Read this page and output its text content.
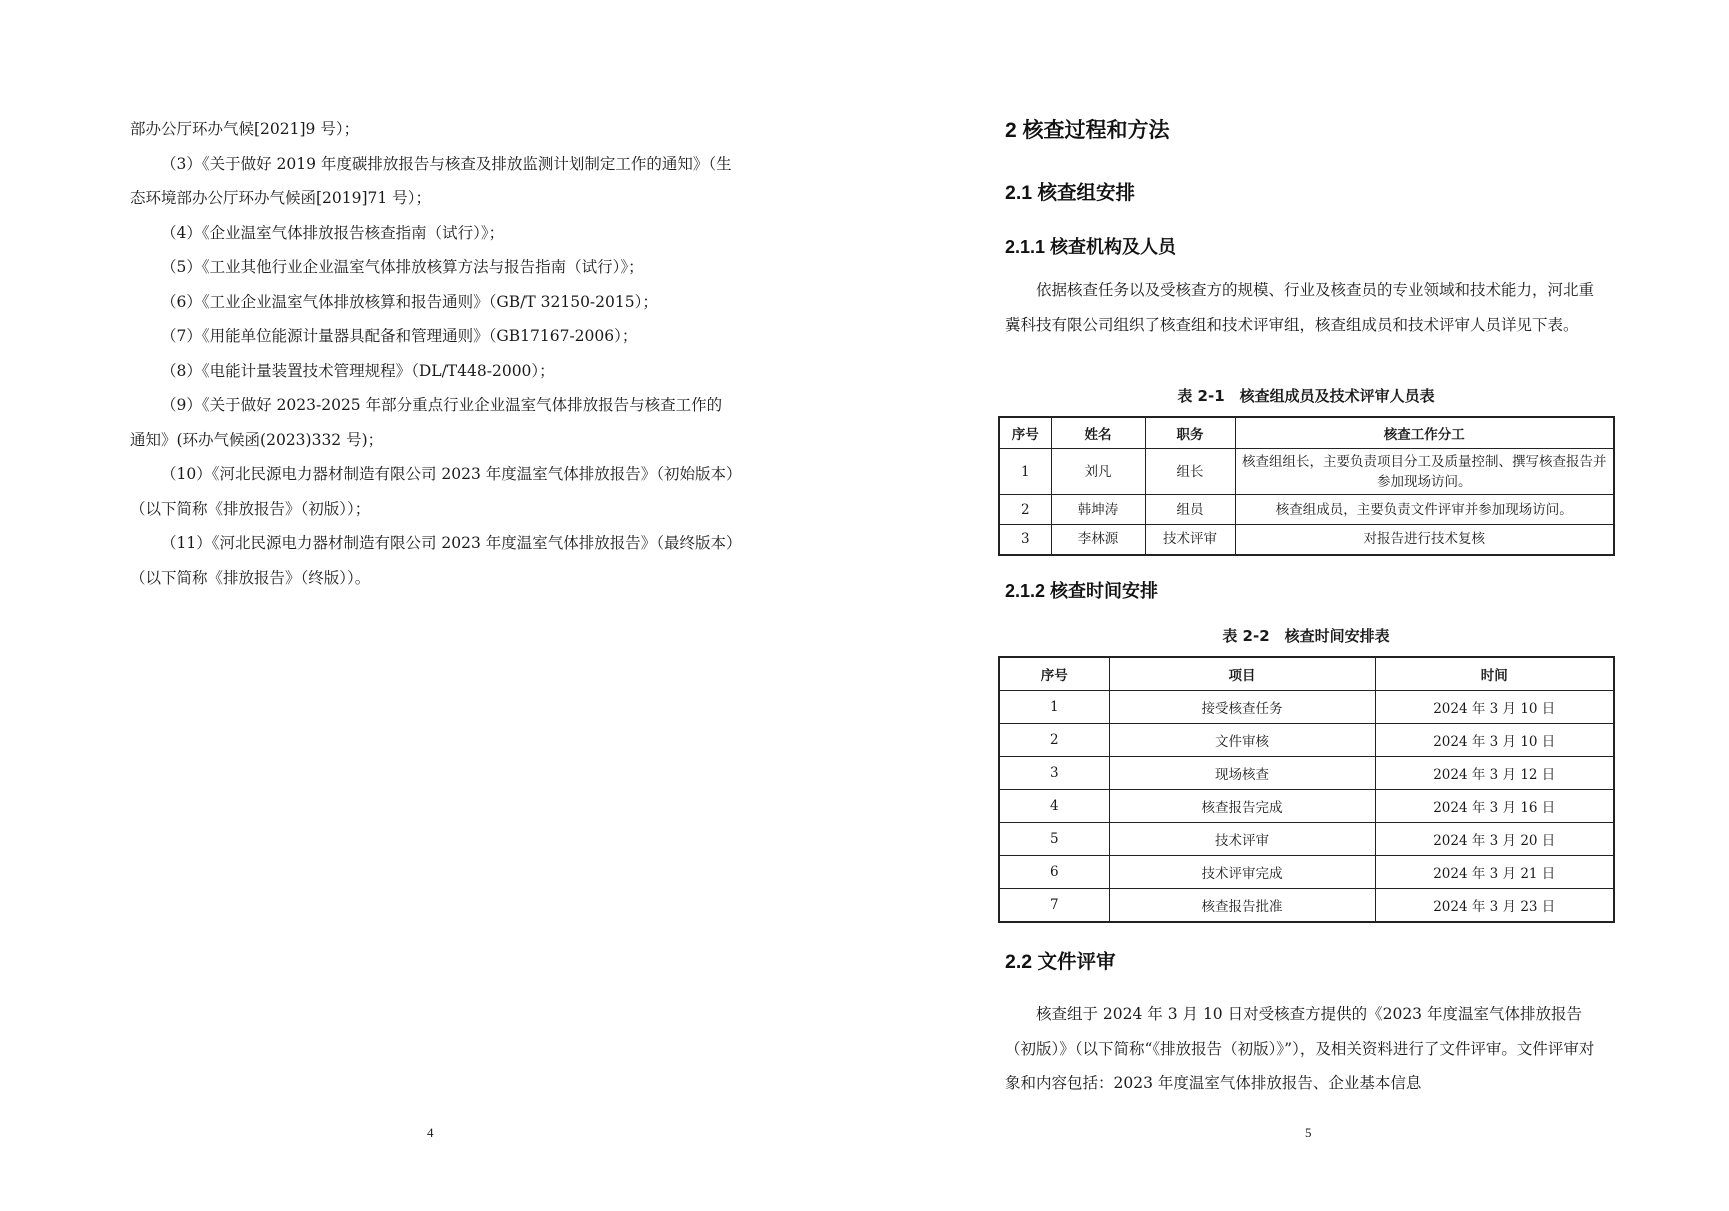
部办公厅环办气候[2021]9 号）；
（3）《关于做好 2019 年度碳排放报告与核查及排放监测计划制定工作的通知》（生态环境部办公厅环办气候函[2019]71 号）；
（4）《企业温室气体排放报告核查指南（试行）》；
（5）《工业其他行业企业温室气体排放核算方法与报告指南（试行）》；
（6）《工业企业温室气体排放核算和报告通则》（GB/T 32150-2015）；
（7）《用能单位能源计量器具配备和管理通则》（GB17167-2006）；
（8）《电能计量装置技术管理规程》（DL/T448-2000）；
（9）《关于做好 2023-2025 年部分重点行业企业温室气体排放报告与核查工作的通知》(环办气候函(2023)332 号)；
（10）《河北民源电力器材制造有限公司 2023 年度温室气体排放报告》（初始版本）（以下简称《排放报告》（初版））；
（11）《河北民源电力器材制造有限公司 2023 年度温室气体排放报告》（最终版本）（以下简称《排放报告》（终版））。
4
2 核查过程和方法
2.1 核查组安排
2.1.1 核查机构及人员

依据核查任务以及受核查方的规模、行业及核查员的专业领域和技术能力，河北重冀科技有限公司组织了核查组和技术评审组，核查组成员和技术评审人员详见下表。

表 2-1　核查组成员及技术评审人员表

序号	姓名	职务	核查工作分工
1	刘凡	组长	核查组组长，主要负责项目分工及质量控制、撰写核查报告并参加现场访问。
2	韩坤涛	组员	核查组成员，主要负责文件评审并参加现场访问。
3	李林源	技术评审	对报告进行技术复核
2.1.2 核查时间安排

表 2-2　核查时间安排表

序号	项目	时间
1	接受核查任务	2024 年 3 月 10 日
2	文件审核	2024 年 3 月 10 日
3	现场核查	2024 年 3 月 12 日
4	核查报告完成	2024 年 3 月 16 日
5	技术评审	2024 年 3 月 20 日
6	技术评审完成	2024 年 3 月 21 日
7	核查报告批准	2024 年 3 月 23 日
2.2 文件评审

核查组于 2024 年 3 月 10 日对受核查方提供的《2023 年度温室气体排放报告（初版）》（以下简称“《排放报告（初版）》”），及相关资料进行了文件评审。文件评审对象和内容包括：2023 年度温室气体排放报告、企业基本信息

5
